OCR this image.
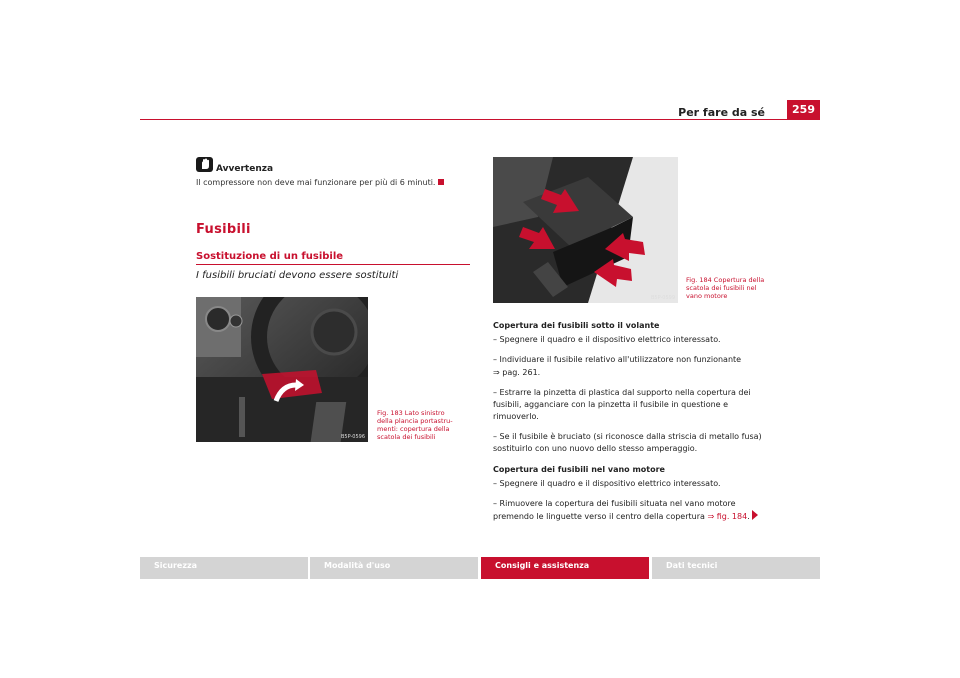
Per fare da sé	259
Avvertenza
Il compressore non deve mai funzionare per più di 6 minuti.
Fusibili
Sostituzione di un fusibile
I fusibili bruciati devono essere sostituiti
B5P-0596
Fig. 183 Lato sinistro
della plancia portastru-
menti: copertura della
scatola dei fusibili
B5P-0599
Fig. 184 Copertura della
scatola dei fusibili nel
vano motore
Copertura dei fusibili sotto il volante
– Spegnere il quadro e il dispositivo elettrico interessato.
– Individuare il fusibile relativo all'utilizzatore non funzionante
⇒ pag. 261.
– Estrarre la pinzetta di plastica dal supporto nella copertura dei
fusibili, agganciare con la pinzetta il fusibile in questione e
rimuoverlo.
– Se il fusibile è bruciato (si riconosce dalla striscia di metallo fusa)
sostituirlo con uno nuovo dello stesso amperaggio.
Copertura dei fusibili nel vano motore
– Spegnere il quadro e il dispositivo elettrico interessato.
– Rimuovere la copertura dei fusibili situata nel vano motore
premendo le linguette verso il centro della copertura ⇒ fig. 184.
Sicurezza	Modalità d'uso	Consigli e assistenza	Dati tecnici
